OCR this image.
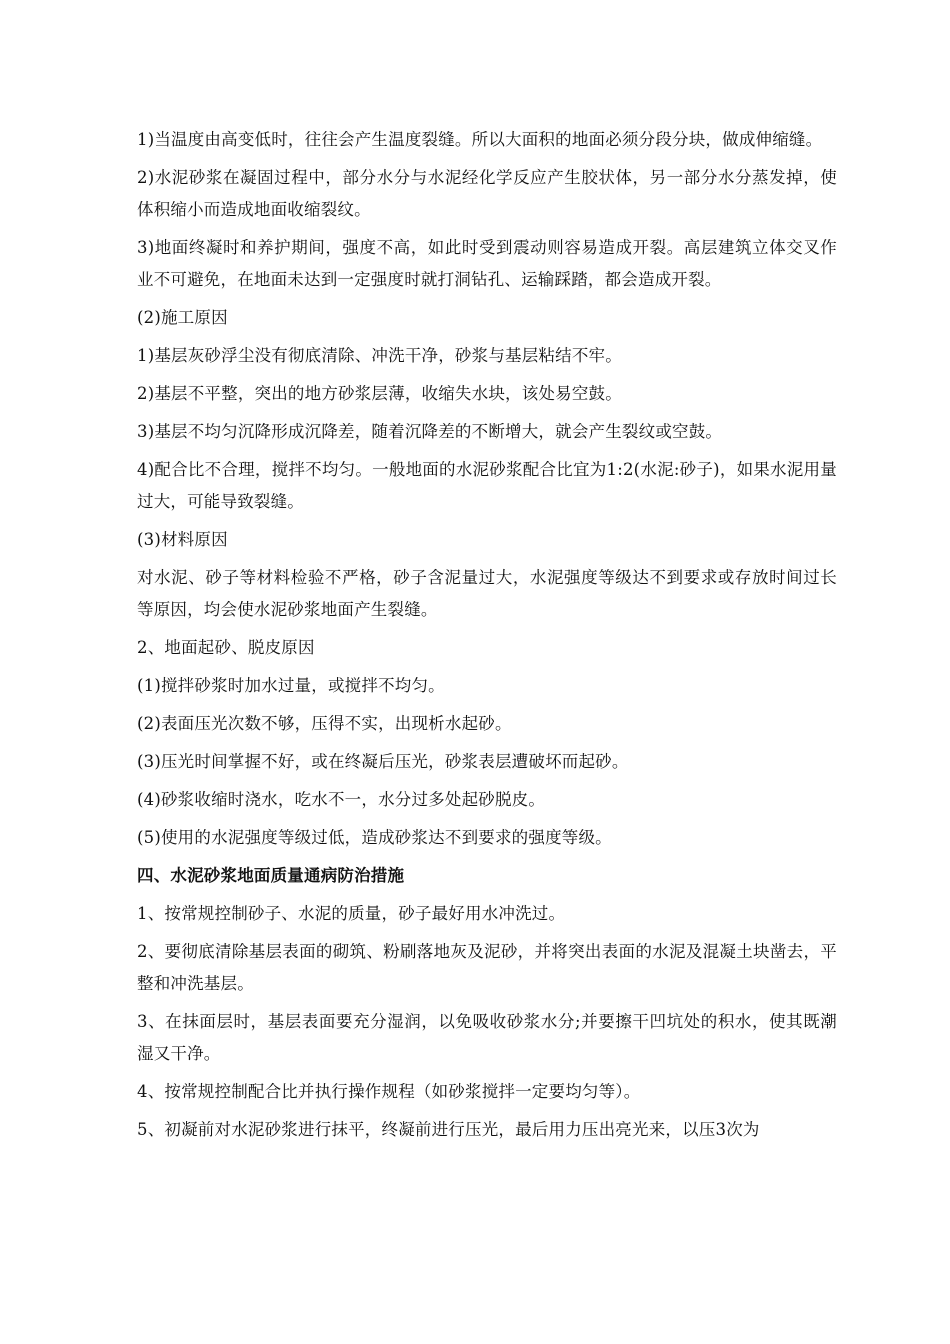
1)当温度由高变低时，往往会产生温度裂缝。所以大面积的地面必须分段分块，做成伸缩缝。

2)水泥砂浆在凝固过程中，部分水分与水泥经化学反应产生胶状体，另一部分水分蒸发掉，使体积缩小而造成地面收缩裂纹。

3)地面终凝时和养护期间，强度不高，如此时受到震动则容易造成开裂。高层建筑立体交叉作业不可避免，在地面未达到一定强度时就打洞钻孔、运输踩踏，都会造成开裂。

(2)施工原因

1)基层灰砂浮尘没有彻底清除、冲洗干净，砂浆与基层粘结不牢。

2)基层不平整，突出的地方砂浆层薄，收缩失水块，该处易空鼓。

3)基层不均匀沉降形成沉降差，随着沉降差的不断增大，就会产生裂纹或空鼓。

4)配合比不合理，搅拌不均匀。一般地面的水泥砂浆配合比宜为1:2(水泥:砂子)，如果水泥用量过大，可能导致裂缝。

(3)材料原因

对水泥、砂子等材料检验不严格，砂子含泥量过大，水泥强度等级达不到要求或存放时间过长等原因，均会使水泥砂浆地面产生裂缝。

2、地面起砂、脱皮原因

(1)搅拌砂浆时加水过量，或搅拌不均匀。

(2)表面压光次数不够，压得不实，出现析水起砂。

(3)压光时间掌握不好，或在终凝后压光，砂浆表层遭破坏而起砂。

(4)砂浆收缩时浇水，吃水不一，水分过多处起砂脱皮。

(5)使用的水泥强度等级过低，造成砂浆达不到要求的强度等级。

四、水泥砂浆地面质量通病防治措施

1、按常规控制砂子、水泥的质量，砂子最好用水冲洗过。

2、要彻底清除基层表面的砌筑、粉刷落地灰及泥砂，并将突出表面的水泥及混凝土块凿去，平整和冲洗基层。

3、在抹面层时，基层表面要充分湿润，以免吸收砂浆水分;并要擦干凹坑处的积水，使其既潮湿又干净。

4、按常规控制配合比并执行操作规程（如砂浆搅拌一定要均匀等）。

5、初凝前对水泥砂浆进行抹平，终凝前进行压光，最后用力压出亮光来，以压3次为
